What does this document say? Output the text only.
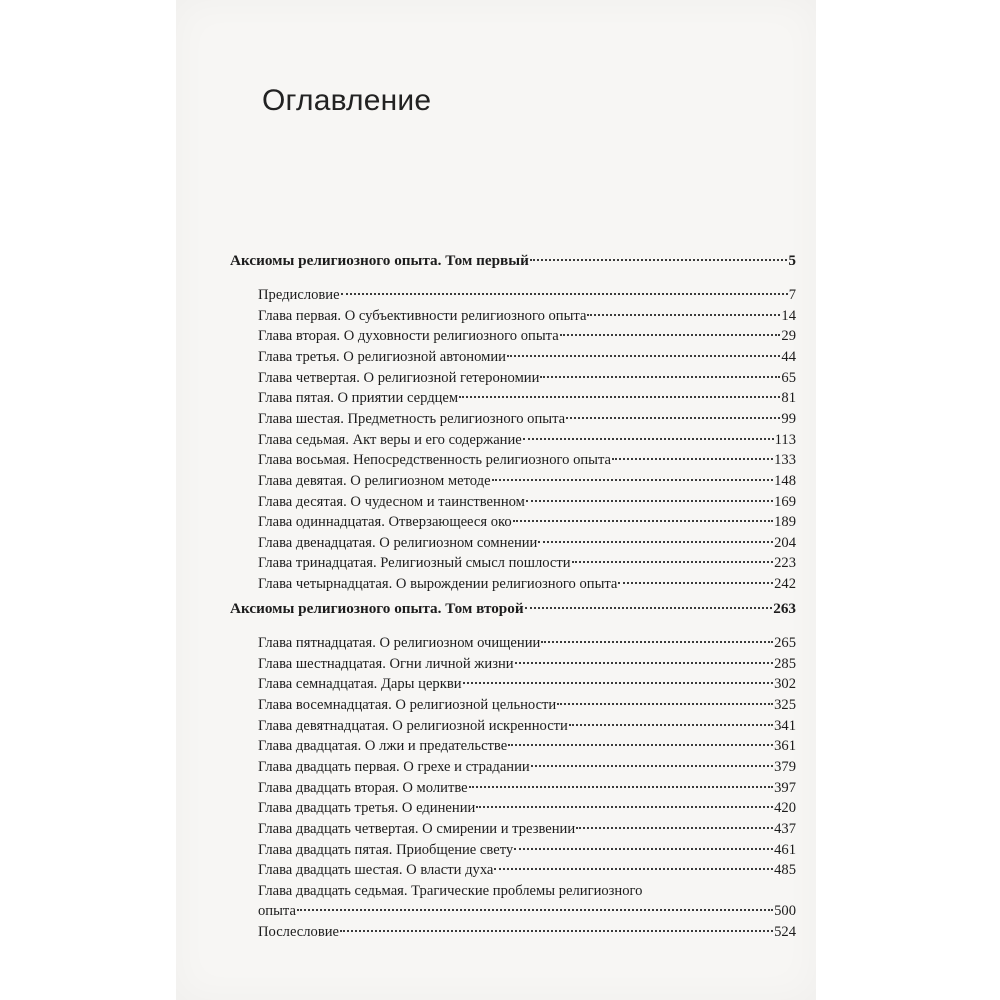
Оглавление
Аксиомы религиозного опыта. Том первый	5
Предисловие	7
Глава первая. О субъективности религиозного опыта	14
Глава вторая. О духовности религиозного опыта	29
Глава третья. О религиозной автономии	44
Глава четвертая. О религиозной гетерономии	65
Глава пятая. О приятии сердцем	81
Глава шестая. Предметность религиозного опыта	99
Глава седьмая. Акт веры и его содержание	113
Глава восьмая. Непосредственность религиозного опыта	133
Глава девятая. О религиозном методе	148
Глава десятая. О чудесном и таинственном	169
Глава одиннадцатая. Отверзающееся око	189
Глава двенадцатая. О религиозном сомнении	204
Глава тринадцатая. Религиозный смысл пошлости	223
Глава четырнадцатая. О вырождении религиозного опыта	242
Аксиомы религиозного опыта. Том второй	263
Глава пятнадцатая. О религиозном очищении	265
Глава шестнадцатая. Огни личной жизни	285
Глава семнадцатая. Дары церкви	302
Глава восемнадцатая. О религиозной цельности	325
Глава девятнадцатая. О религиозной искренности	341
Глава двадцатая. О лжи и предательстве	361
Глава двадцать первая. О грехе и страдании	379
Глава двадцать вторая. О молитве	397
Глава двадцать третья. О единении	420
Глава двадцать четвертая. О смирении и трезвении	437
Глава двадцать пятая. Приобщение свету	461
Глава двадцать шестая. О власти духа	485
Глава двадцать седьмая. Трагические проблемы религиозного
опыта	500
Послесловие	524
